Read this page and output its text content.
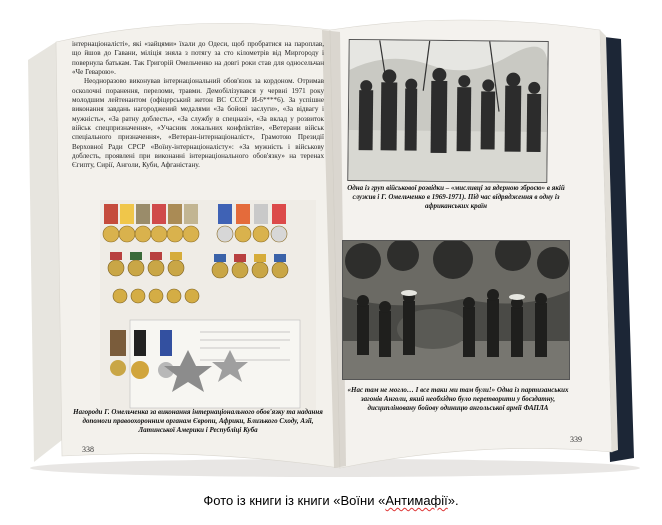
інтернаціоналісті», які «зайцями» їхали до Одеси, щоб пробратися на пароплав, що йшов до Гавани, міліція зняла з потягу за сто кілометрів від Миргороду і повернула батькам. Так Григорій Омельченко на довгі роки став для односельчан «Че Геварою».

Неодноразово виконував інтернаціональний обов'язок за кордоном. Отримав осколочні поранення, переломи, травми. Демобілізувався у червні 1971 року молодшим лейтенантом (офіцерський жетон ВС СССР И-6****6). За успішне виконання завдань нагороджений медалями «За бойові заслуги», «За відвагу і мужність», «За ратну доблесть», «За службу в спецназі», «За вклад у розвиток військ спецпризначення», «Учасник локальних конфліктів», «Ветерани військ спеціального призначення», «Ветеран-інтернаціоналіст», Грамотою Президії Верховної Ради СРСР «Воїну-інтернаціоналісту»: «За мужність і військову доблесть, проявлені при виконанні інтернаціонального обов'язку» на теренах Єгипту, Сирії, Анголи, Куби, Афганістану.

Нагороди Г. Омельченка за виконання інтернаціонального обов'язку та надання допомоги правоохоронним органам Європи, Африки, Близького Сходу, Азії, Латинської Америки і Республіці Куба
338
Одна із груп військової розвідки – «мисливці за ядерною зброєю» в якій служив і Г. Омельченко в 1969-1971). Під час відрядження в одну із африканських країн
«Нас там не могло… І все таки ми там були!» Одна із партизанських загонів Анголи, який необхідно було перетворити у боєздатну, дисципліновану бойову одиницю ангольської армії ФАПЛА
339
Фото із книги із книги «Воїни «Антимафії».
